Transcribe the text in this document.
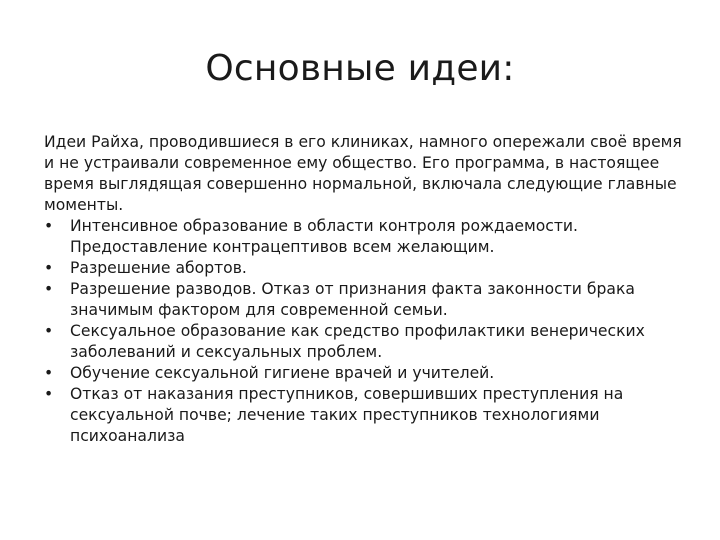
Основные идеи:

Идеи Райха, проводившиеся в его клиниках, намного опережали своё время и не устраивали современное ему общество. Его программа, в настоящее время выглядящая совершенно нормальной, включала следующие главные моменты.

•	Интенсивное образование в области контроля рождаемости. Предоставление контрацептивов всем желающим.
•	Разрешение абортов.
•	Разрешение разводов. Отказ от признания факта законности брака значимым фактором для современной семьи.
•	Сексуальное образование как средство профилактики венерических заболеваний и сексуальных проблем.
•	Обучение сексуальной гигиене врачей и учителей.
•	Отказ от наказания преступников, совершивших преступления на сексуальной почве; лечение таких преступников технологиями психоанализа
